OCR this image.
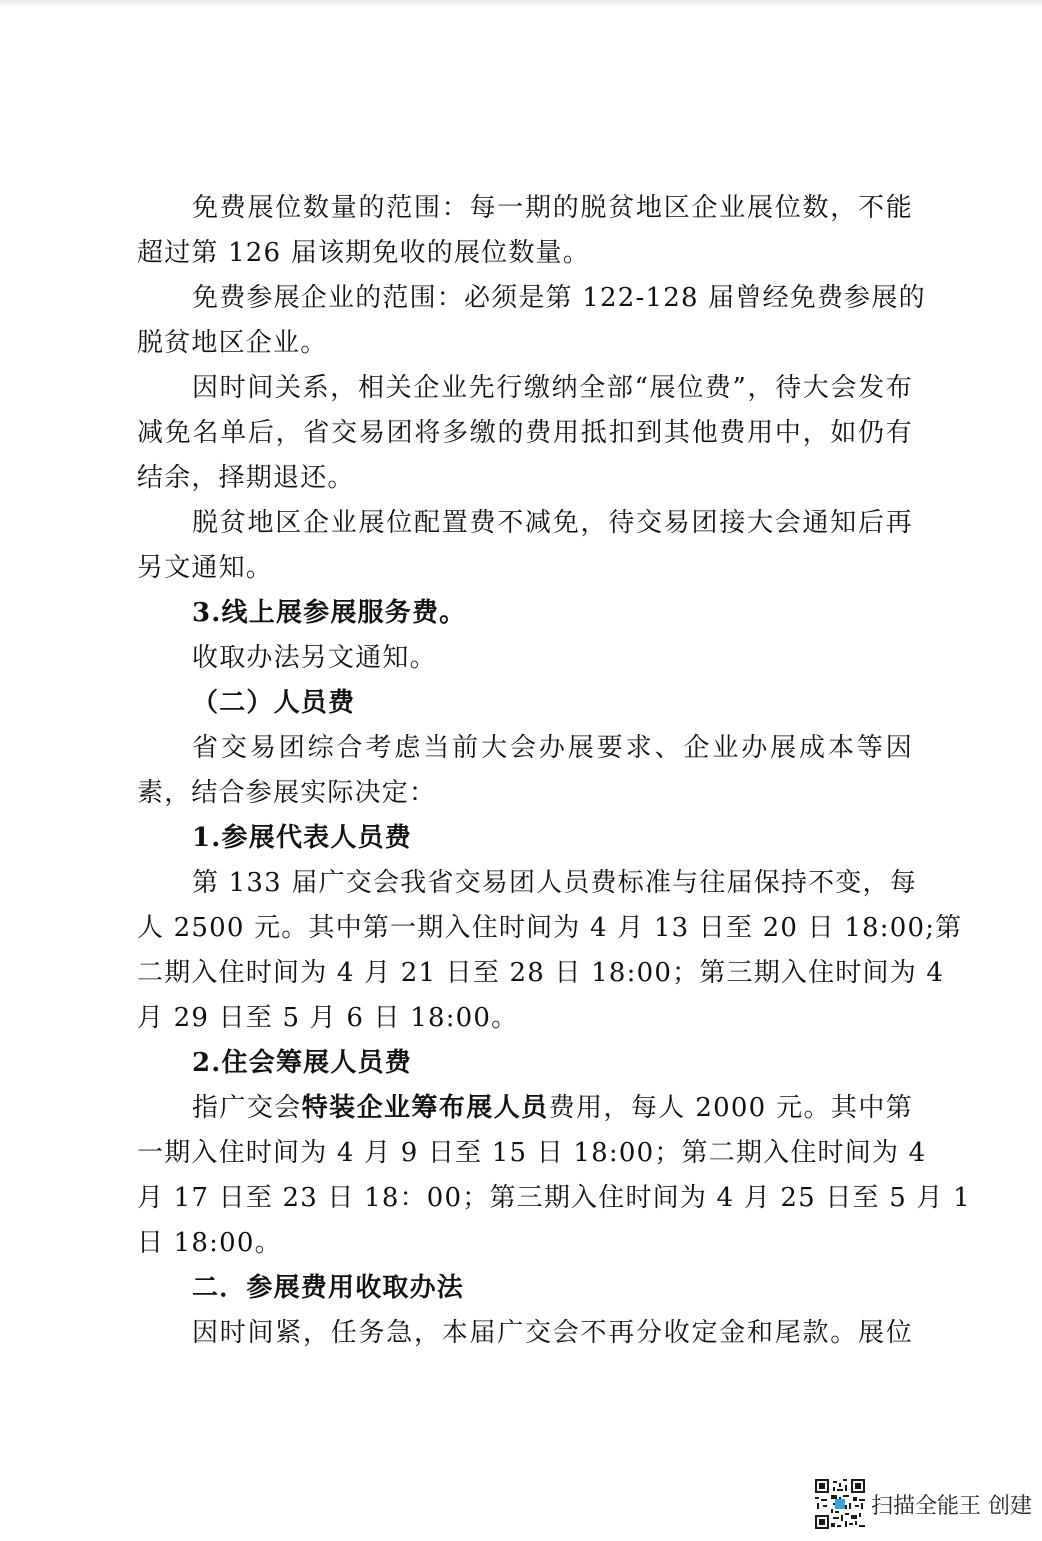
免费展位数量的范围：每一期的脱贫地区企业展位数，不能
超过第 126 届该期免收的展位数量。
免费参展企业的范围：必须是第 122-128 届曾经免费参展的
脱贫地区企业。
因时间关系，相关企业先行缴纳全部“展位费”，待大会发布
减免名单后，省交易团将多缴的费用抵扣到其他费用中，如仍有
结余，择期退还。
脱贫地区企业展位配置费不减免，待交易团接大会通知后再
另文通知。
3.线上展参展服务费。
收取办法另文通知。
（二）人员费
省交易团综合考虑当前大会办展要求、企业办展成本等因
素，结合参展实际决定：
1.参展代表人员费
第 133 届广交会我省交易团人员费标准与往届保持不变，每
人 2500 元。其中第一期入住时间为 4 月 13 日至 20 日 18:00;第
二期入住时间为 4 月 21 日至 28 日 18:00；第三期入住时间为 4
月 29 日至 5 月 6 日 18:00。
2.住会筹展人员费
指广交会特装企业筹布展人员费用，每人 2000 元。其中第
一期入住时间为 4 月 9 日至 15 日 18:00；第二期入住时间为 4
月 17 日至 23 日 18：00；第三期入住时间为 4 月 25 日至 5 月 1
日 18:00。
二．参展费用收取办法
因时间紧，任务急，本届广交会不再分收定金和尾款。展位
扫描全能王 创建
